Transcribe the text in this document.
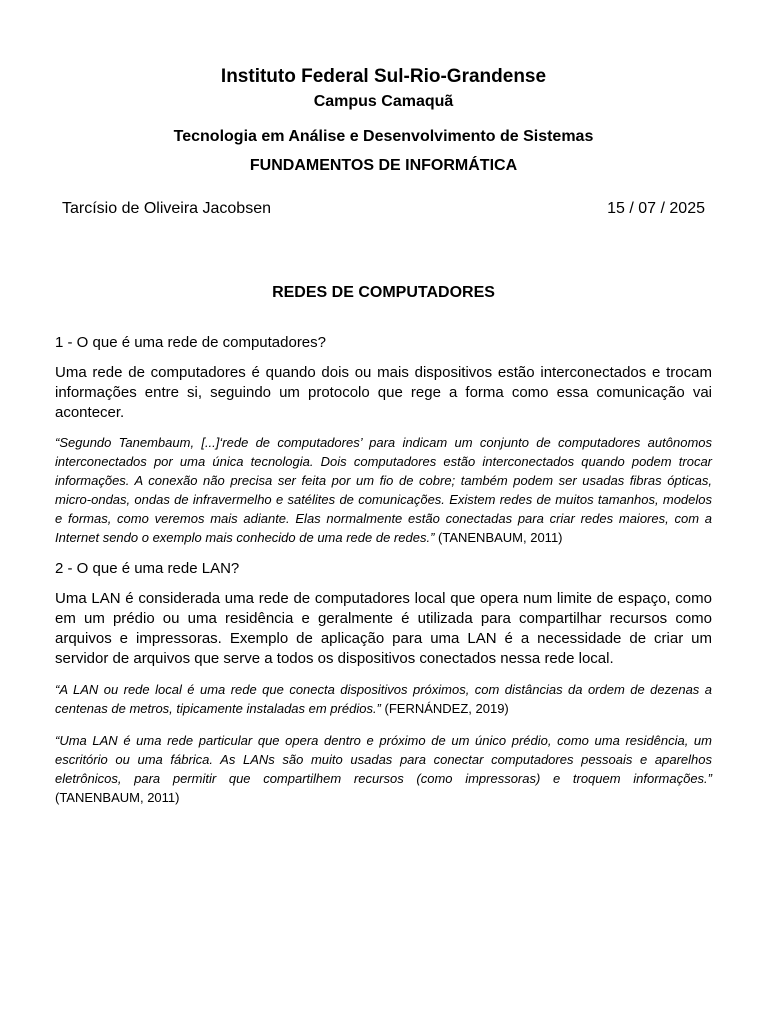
Instituto Federal Sul-Rio-Grandense

Campus Camaquã

Tecnologia em Análise e Desenvolvimento de Sistemas

FUNDAMENTOS DE INFORMÁTICA

Tarcísio de Oliveira Jacobsen	15 / 07 / 2025

REDES DE COMPUTADORES

1 - O que é uma rede de computadores?

Uma rede de computadores é quando dois ou mais dispositivos estão interconectados e trocam informações entre si, seguindo um protocolo que rege a forma como essa comunicação vai acontecer.

“Segundo Tanembaum, [...]‘rede de computadores’ para indicam um conjunto de computadores autônomos interconectados por uma única tecnologia. Dois computadores estão interconectados quando podem trocar informações. A conexão não precisa ser feita por um fio de cobre; também podem ser usadas fibras ópticas, micro-ondas, ondas de infravermelho e satélites de comunicações. Existem redes de muitos tamanhos, modelos e formas, como veremos mais adiante. Elas normalmente estão conectadas para criar redes maiores, com a Internet sendo o exemplo mais conhecido de uma rede de redes.” (TANENBAUM, 2011)

2 - O que é uma rede LAN?

Uma LAN é considerada uma rede de computadores local que opera num limite de espaço, como em um prédio ou uma residência e geralmente é utilizada para compartilhar recursos como arquivos e impressoras. Exemplo de aplicação para uma LAN é a necessidade de criar um servidor de arquivos que serve a todos os dispositivos conectados nessa rede local.

“A LAN ou rede local é uma rede que conecta dispositivos próximos, com distâncias da ordem de dezenas a centenas de metros, tipicamente instaladas em prédios.” (FERNÁNDEZ, 2019)

“Uma LAN é uma rede particular que opera dentro e próximo de um único prédio, como uma residência, um escritório ou uma fábrica. As LANs são muito usadas para conectar computadores pessoais e aparelhos eletrônicos, para permitir que compartilhem recursos (como impressoras) e troquem informações.” (TANENBAUM, 2011)
